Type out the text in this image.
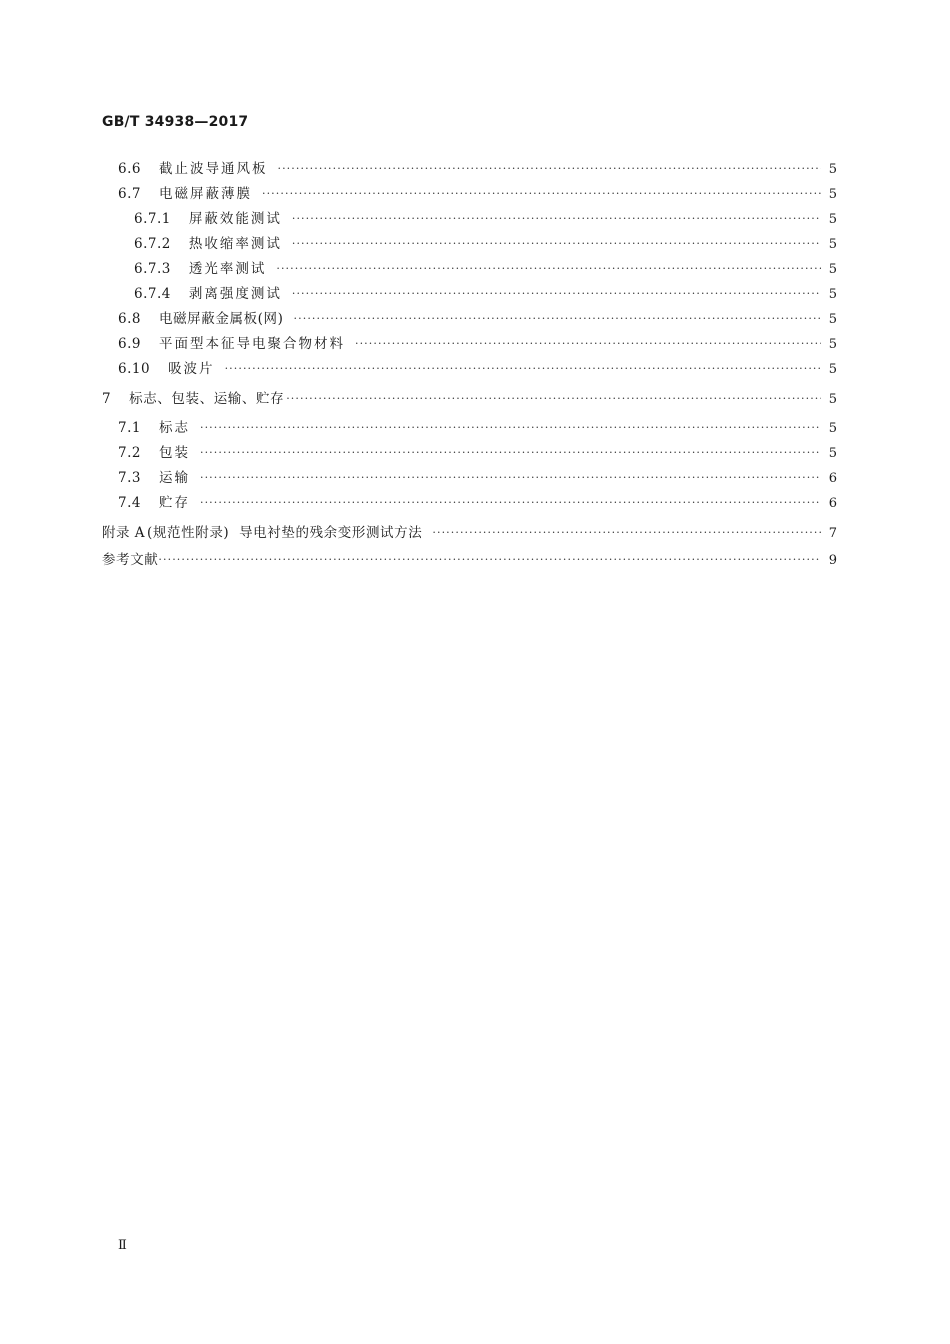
GB/T 34938—2017
6.6 截止波导通风板 ·····	5
6.7 电磁屏蔽薄膜 ·····	5
6.7.1 屏蔽效能测试 ·····	5
6.7.2 热收缩率测试 ·····	5
6.7.3 透光率测试 ·····	5
6.7.4 剥离强度测试 ·····	5
6.8 电磁屏蔽金属板(网) ·····	5
6.9 平面型本征导电聚合物材料 ·····	5
6.10 吸波片 ·····	5
7 标志、包装、运输、贮存 ·····	5
7.1 标志 ·····	5
7.2 包装 ·····	5
7.3 运输 ·····	6
7.4 贮存 ·····	6
附录 A (规范性附录)  导电衬垫的残余变形测试方法 ·····	7
参考文献 ·····	9
Ⅱ
